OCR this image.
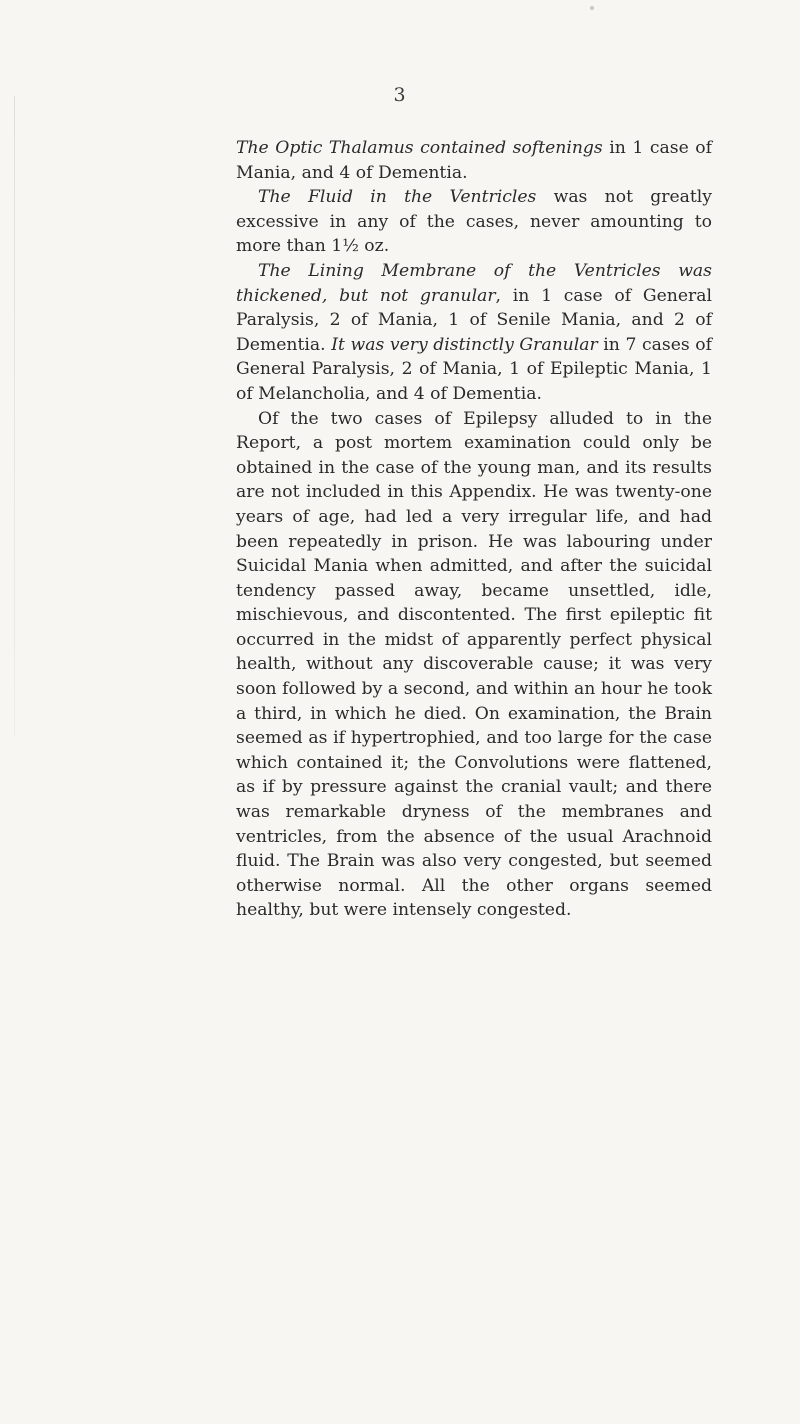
3

The Optic Thalamus contained softenings in 1 case of Mania, and 4 of Dementia.

The Fluid in the Ventricles was not greatly excessive in any of the cases, never amounting to more than 1½ oz.

The Lining Membrane of the Ventricles was thickened, but not granular, in 1 case of General Paralysis, 2 of Mania, 1 of Senile Mania, and 2 of Dementia. It was very distinctly Granular in 7 cases of General Paralysis, 2 of Mania, 1 of Epileptic Mania, 1 of Melancholia, and 4 of Dementia.

Of the two cases of Epilepsy alluded to in the Report, a post mortem examination could only be obtained in the case of the young man, and its results are not included in this Appendix. He was twenty-one years of age, had led a very irregular life, and had been repeatedly in prison. He was labouring under Suicidal Mania when admitted, and after the suicidal tendency passed away, became unsettled, idle, mischievous, and discontented. The first epileptic fit occurred in the midst of apparently perfect physical health, without any discoverable cause; it was very soon followed by a second, and within an hour he took a third, in which he died. On examination, the Brain seemed as if hypertrophied, and too large for the case which contained it; the Convolutions were flattened, as if by pressure against the cranial vault; and there was remarkable dryness of the membranes and ventricles, from the absence of the usual Arachnoid fluid. The Brain was also very congested, but seemed otherwise normal. All the other organs seemed healthy, but were intensely congested.
